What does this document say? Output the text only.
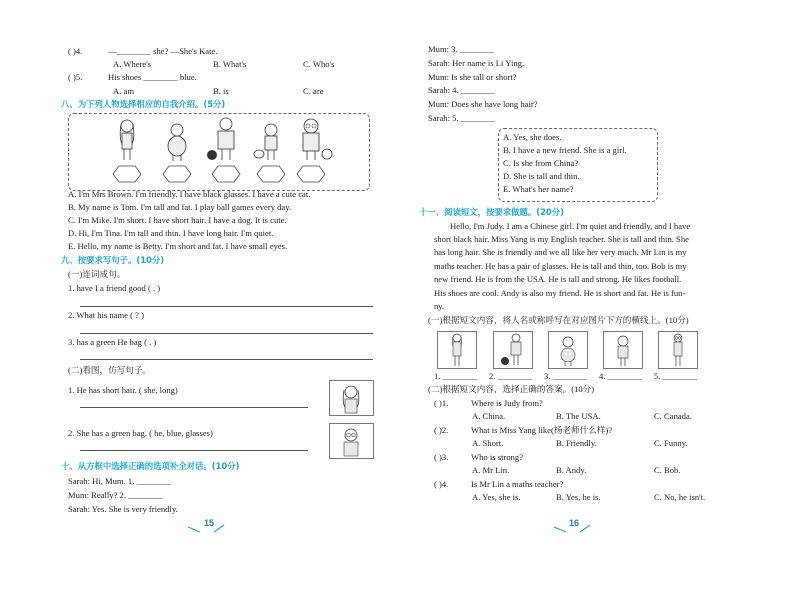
( )4.	—________ she? —She's Kate.
A. Where's	B. What's	C. Who's
( )5.	His shoes ________ blue.
A. am	B. is	C. are
八、为下列人物选择相应的自我介绍。(5分)
A. I'm Mrs Brown. I'm friendly. I have black glasses. I have a cute cat.
B. My name is Tom. I'm tall and fat. I play ball games every day.
C. I'm Mike. I'm short. I have short hair. I have a dog. It is cute.
D. Hi, I'm Tina. I'm tall and thin. I have long hair. I'm quiet.
E. Hello, my name is Betty. I'm short and fat. I have small eyes.
九、按要求写句子。(10分)
(一)连词成句。
1. have I a friend good ( . )
2. What his name ( ? )
3. has a green He bag ( . )
(二)看图，仿写句子。
1. He has short hair. ( she, long)
2. She has a green bag. ( he, blue, glasses)
十、从方框中选择正确的选项补全对话。(10分)
Sarah: Hi, Mum. 1. ________
Mum: Really? 2. ________
Sarah: Yes. She is very friendly.
15
Mum: 3. ________
Sarah: Her name is Li Ying.
Mum: Is she tall or short?
Sarah: 4. ________
Mum: Does she have long hair?
Sarah: 5. ________
A. Yes, she does.
B. I have a new friend. She is a girl.
C. Is she from China?
D. She is tall and thin.
E. What's her name?
十一、阅读短文，按要求做题。(20分)
Hello, I'm Judy. I am a Chinese girl. I'm quiet and friendly, and I have
short black hair. Miss Yang is my English teacher. She is tall and thin. She
has long hair. She is friendly and we all like her very much. Mr Lin is my
maths teacher. He has a pair of glasses. He is tall and thin, too. Bob is my
new friend. He is from the USA. He is tall and strong. He likes football.
His shoes are cool. Andy is also my friend. He is short and fat. He is fun-
ny.
(一)根据短文内容，将人名或称呼写在对应图片下方的横线上。(10分)
1. ________ 2. ________ 3. ________ 4. ________ 5. ________
(二)根据短文内容，选择正确的答案。(10分)
( )1.	Where is Judy from?
A. China.	B. The USA.	C. Canada.
( )2.	What is Miss Yang like(杨老师什么样)?
A. Short.	B. Friendly.	C. Funny.
( )3.	Who is strong?
A. Mr Lin.	B. Andy.	C. Bob.
( )4.	Is Mr Lin a maths teacher?
A. Yes, she is.	B. Yes, he is.	C. No, he isn't.
16
